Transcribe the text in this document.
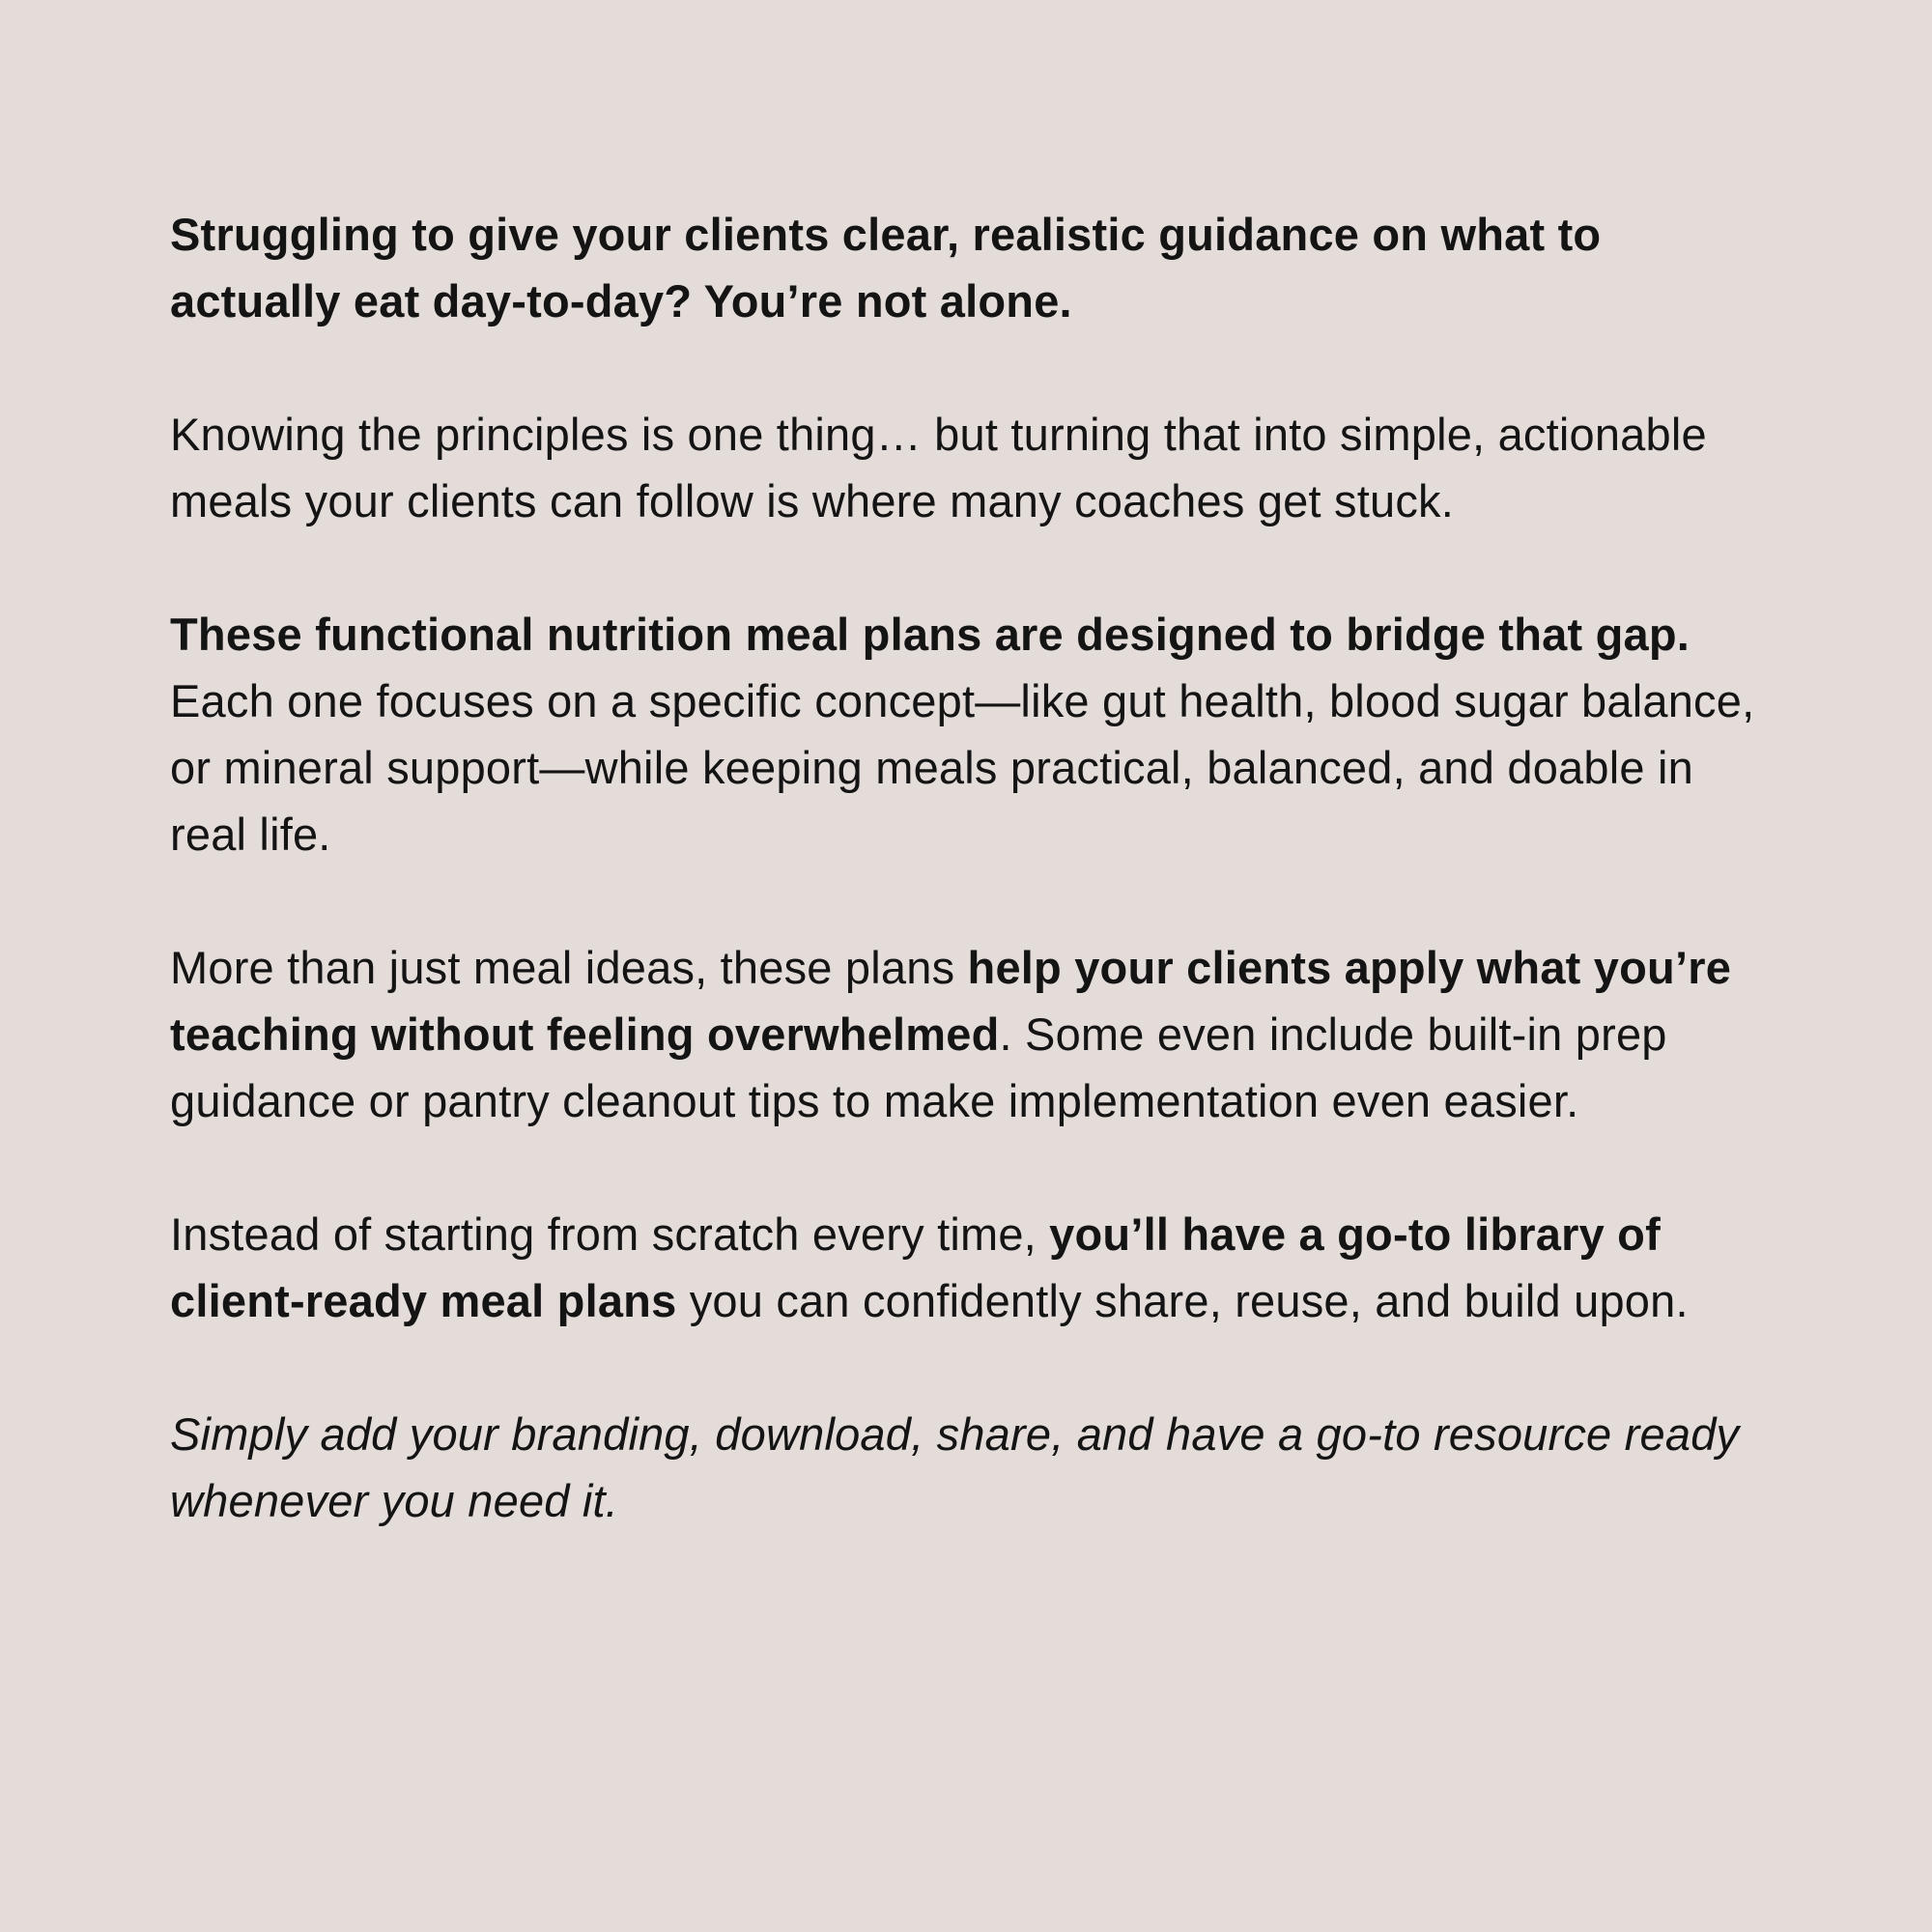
Struggling to give your clients clear, realistic guidance on what to actually eat day-to-day? You’re not alone.

Knowing the principles is one thing… but turning that into simple, actionable meals your clients can follow is where many coaches get stuck.

These functional nutrition meal plans are designed to bridge that gap. Each one focuses on a specific concept—like gut health, blood sugar balance, or mineral support—while keeping meals practical, balanced, and doable in real life.

More than just meal ideas, these plans help your clients apply what you’re teaching without feeling overwhelmed. Some even include built-in prep guidance or pantry cleanout tips to make implementation even easier.

Instead of starting from scratch every time, you’ll have a go-to library of client-ready meal plans you can confidently share, reuse, and build upon.

Simply add your branding, download, share, and have a go-to resource ready whenever you need it.
